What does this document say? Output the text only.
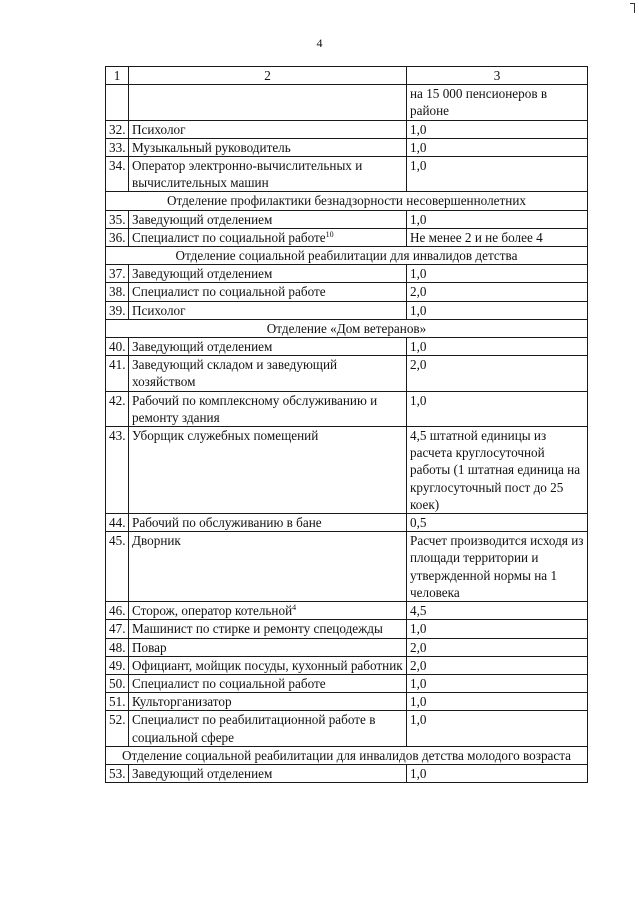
4
1	2	3
		на 15 000 пенсионеров в районе
32.	Психолог	1,0
33.	Музыкальный руководитель	1,0
34.	Оператор электронно-вычислительных и вычислительных машин	1,0
Отделение профилактики безнадзорности несовершеннолетних		
35.	Заведующий отделением	1,0
36.	Специалист по социальной работе$^{10}$	Не менее 2 и не более 4
Отделение социальной реабилитации для инвалидов детства		
37.	Заведующий отделением	1,0
38.	Специалист по социальной работе	2,0
39.	Психолог	1,0
Отделение «Дом ветеранов»		
40.	Заведующий отделением	1,0
41.	Заведующий складом и заведующий хозяйством	2,0
42.	Рабочий по комплексному обслуживанию и ремонту здания	1,0
43.	Уборщик служебных помещений	4,5 штатной единицы из расчета круглосуточной работы (1 штатная единица на круглосуточный пост до 25 коек)
44.	Рабочий по обслуживанию в бане	0,5
45.	Дворник	Расчет производится исходя из площади территории и утвержденной нормы на 1 человека
46.	Сторож, оператор котельной$^4$	4,5
47.	Машинист по стирке и ремонту спецодежды	1,0
48.	Повар	2,0
49.	Официант, мойщик посуды, кухонный работник	2,0
50.	Специалист по социальной работе	1,0
51.	Культорганизатор	1,0
52.	Специалист по реабилитационной работе в социальной сфере	1,0
Отделение социальной реабилитации для инвалидов детства молодого возраста		
53.	Заведующий отделением	1,0
